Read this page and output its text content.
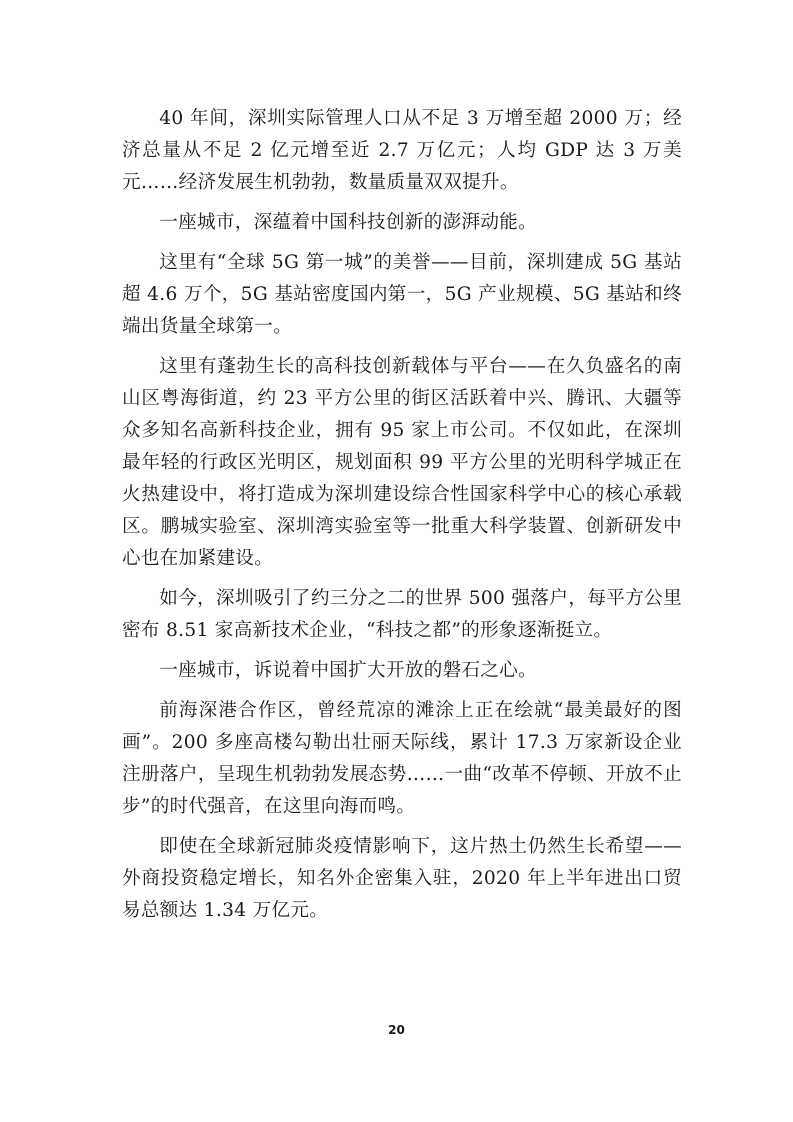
40 年间，深圳实际管理人口从不足 3 万增至超 2000 万；经济总量从不足 2 亿元增至近 2.7 万亿元；人均 GDP 达 3 万美元……经济发展生机勃勃，数量质量双双提升。

一座城市，深蕴着中国科技创新的澎湃动能。

这里有“全球 5G 第一城”的美誉——目前，深圳建成 5G 基站超 4.6 万个，5G 基站密度国内第一，5G 产业规模、5G 基站和终端出货量全球第一。

这里有蓬勃生长的高科技创新载体与平台——在久负盛名的南山区粤海街道，约 23 平方公里的街区活跃着中兴、腾讯、大疆等众多知名高新科技企业，拥有 95 家上市公司。不仅如此，在深圳最年轻的行政区光明区，规划面积 99 平方公里的光明科学城正在火热建设中，将打造成为深圳建设综合性国家科学中心的核心承载区。鹏城实验室、深圳湾实验室等一批重大科学装置、创新研发中心也在加紧建设。

如今，深圳吸引了约三分之二的世界 500 强落户，每平方公里密布 8.51 家高新技术企业，“科技之都”的形象逐渐挺立。

一座城市，诉说着中国扩大开放的磐石之心。

前海深港合作区，曾经荒凉的滩涂上正在绘就“最美最好的图画”。200 多座高楼勾勒出壮丽天际线，累计 17.3 万家新设企业注册落户，呈现生机勃勃发展态势……一曲“改革不停顿、开放不止步”的时代强音，在这里向海而鸣。

即使在全球新冠肺炎疫情影响下，这片热土仍然生长希望——外商投资稳定增长，知名外企密集入驻，2020 年上半年进出口贸易总额达 1.34 万亿元。

20
